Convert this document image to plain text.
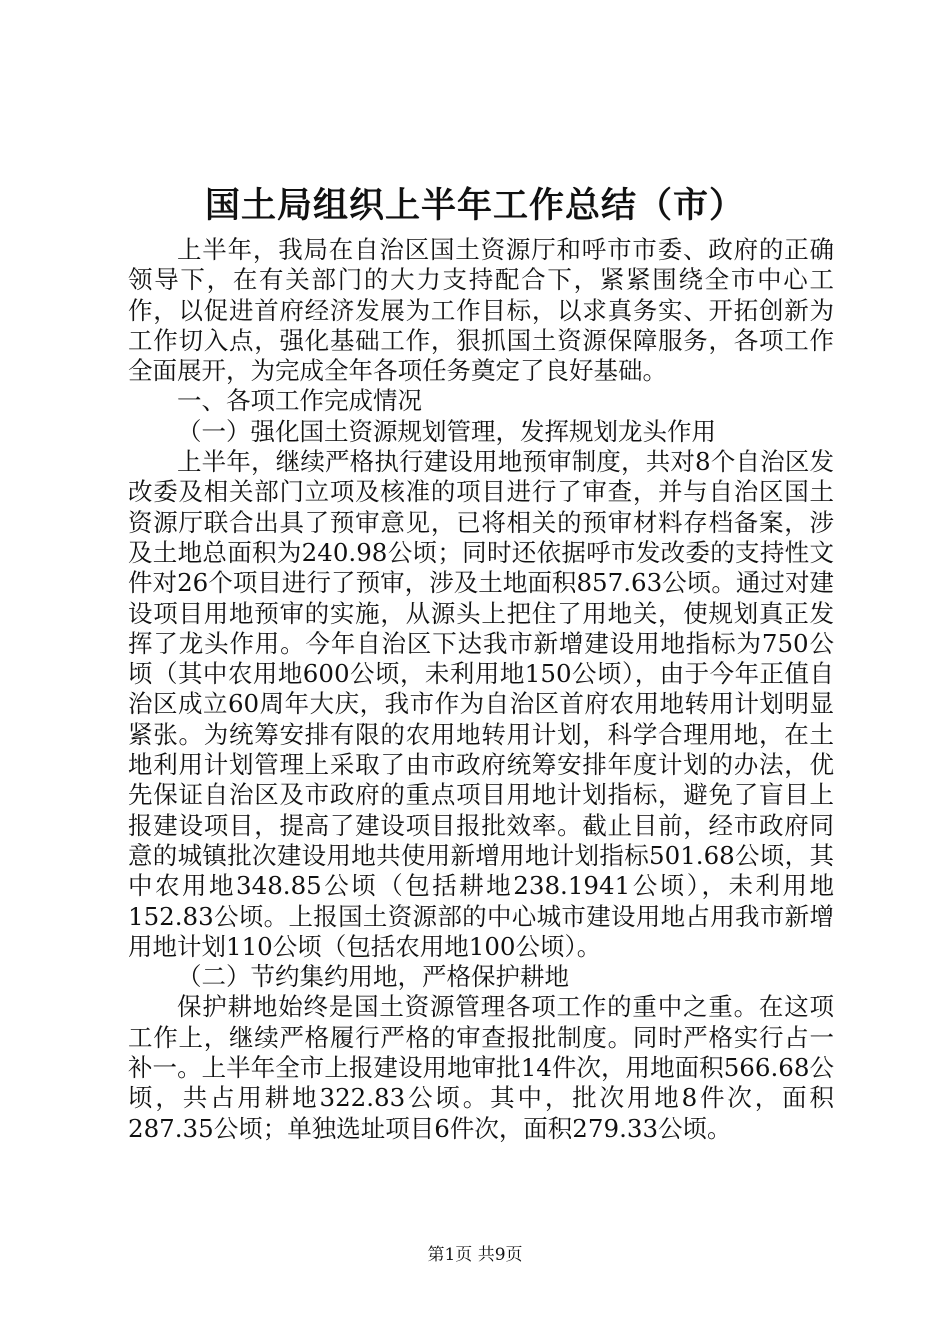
国土局组织上半年工作总结（市）

上半年，我局在自治区国土资源厅和呼市市委、政府的正确领导下，在有关部门的大力支持配合下，紧紧围绕全市中心工作，以促进首府经济发展为工作目标，以求真务实、开拓创新为工作切入点，强化基础工作，狠抓国土资源保障服务，各项工作全面展开，为完成全年各项任务奠定了良好基础。

一、各项工作完成情况

（一）强化国土资源规划管理，发挥规划龙头作用

上半年，继续严格执行建设用地预审制度，共对8个自治区发改委及相关部门立项及核准的项目进行了审查，并与自治区国土资源厅联合出具了预审意见，已将相关的预审材料存档备案，涉及土地总面积为240.98公顷；同时还依据呼市发改委的支持性文件对26个项目进行了预审，涉及土地面积857.63公顷。通过对建设项目用地预审的实施，从源头上把住了用地关，使规划真正发挥了龙头作用。今年自治区下达我市新增建设用地指标为750公顷（其中农用地600公顷，未利用地150公顷），由于今年正值自治区成立60周年大庆，我市作为自治区首府农用地转用计划明显紧张。为统筹安排有限的农用地转用计划，科学合理用地，在土地利用计划管理上采取了由市政府统筹安排年度计划的办法，优先保证自治区及市政府的重点项目用地计划指标，避免了盲目上报建设项目，提高了建设项目报批效率。截止目前，经市政府同意的城镇批次建设用地共使用新增用地计划指标501.68公顷，其中农用地348.85公顷（包括耕地238.1941公顷），未利用地152.83公顷。上报国土资源部的中心城市建设用地占用我市新增用地计划110公顷（包括农用地100公顷）。

（二）节约集约用地，严格保护耕地

保护耕地始终是国土资源管理各项工作的重中之重。在这项工作上，继续严格履行严格的审查报批制度。同时严格实行占一补一。上半年全市上报建设用地审批14件次，用地面积566.68公顷，共占用耕地322.83公顷。其中，批次用地8件次，面积287.35公顷；单独选址项目6件次，面积279.33公顷。

第1页 共9页
